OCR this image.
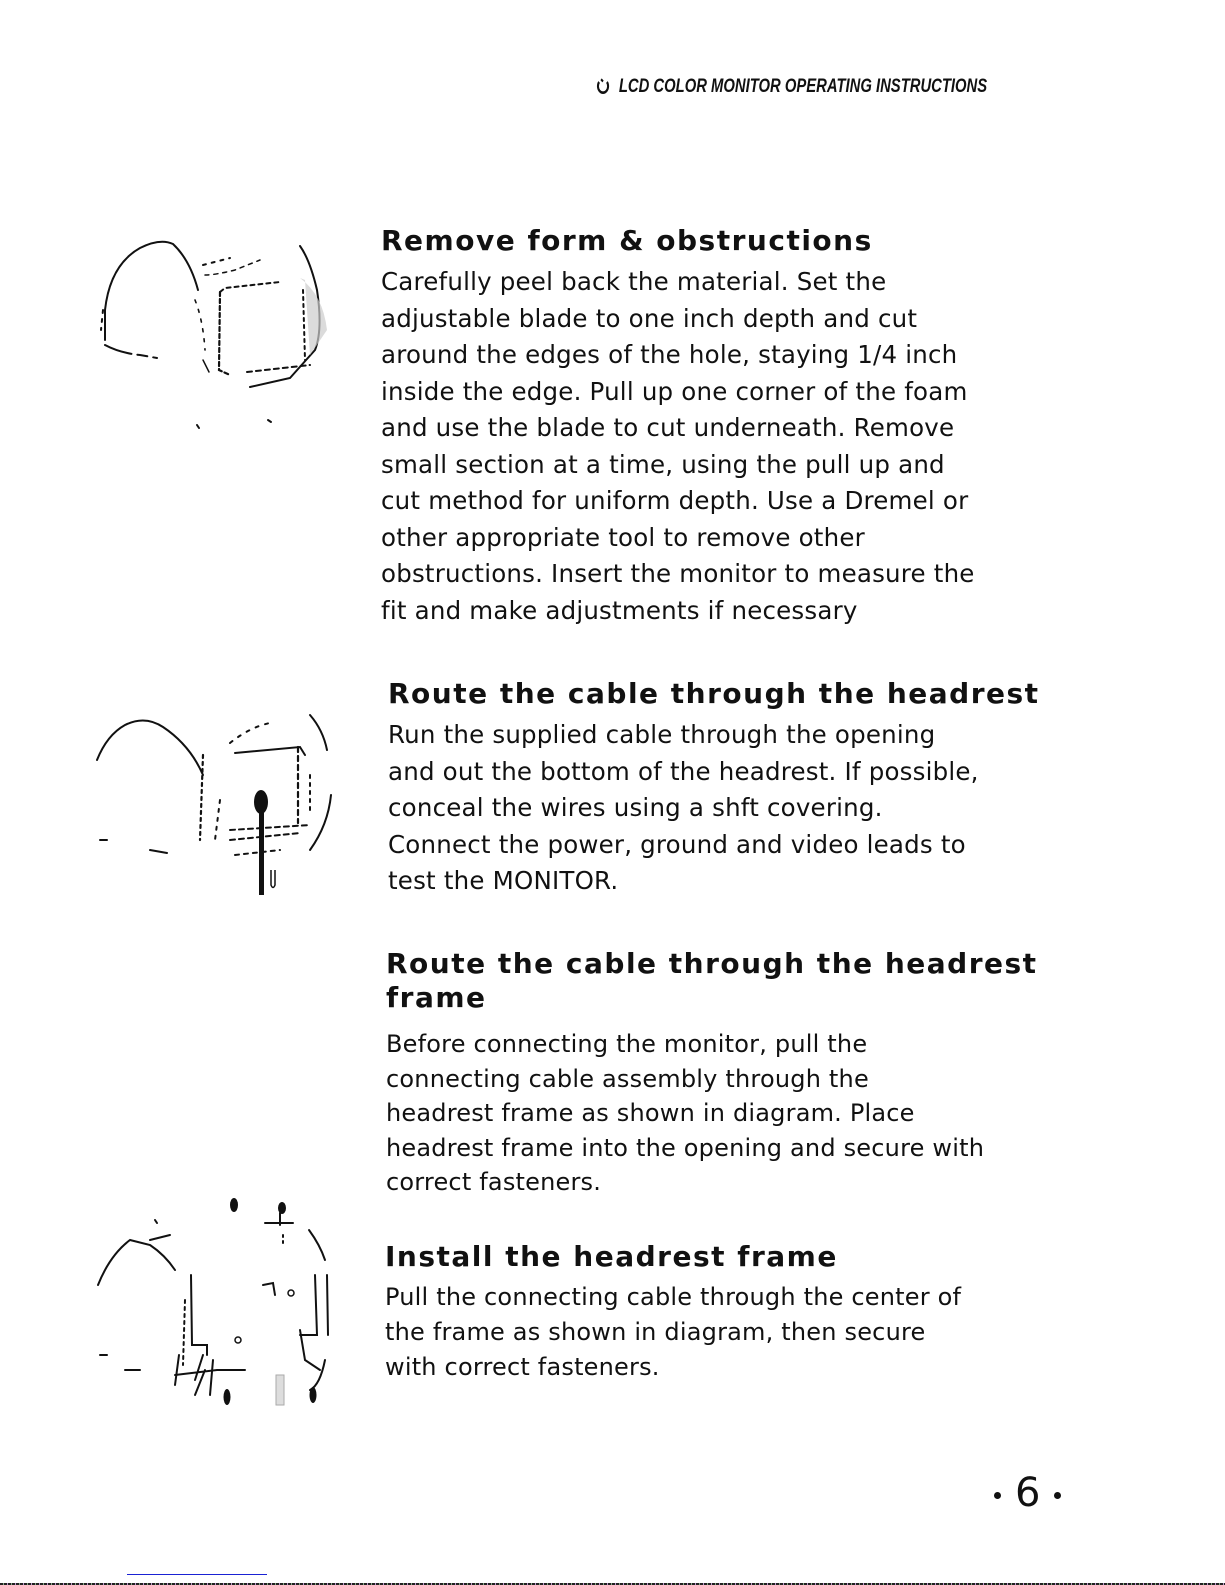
LCD COLOR MONITOR OPERATING INSTRUCTIONS
Remove form & obstructions

Carefully peel back the material. Set the
adjustable blade to one inch depth and cut
around the edges of the hole, staying 1/4 inch
inside the edge. Pull up one corner of the foam
and use the blade to cut underneath. Remove
small section at a time, using the pull up and
cut method for uniform depth. Use a Dremel or
other appropriate tool to remove other
obstructions. Insert the monitor to measure the
fit and make adjustments if necessary

Route the cable through the headrest

Run the supplied cable through the opening
and out the bottom of the headrest. If possible,
conceal the wires using a shft covering.
Connect the power, ground and video leads to
test the MONITOR.

Route the cable through the headrest
frame

Before connecting the monitor, pull the
connecting cable assembly through the
headrest frame as shown in diagram. Place
headrest frame into the opening and secure with
correct fasteners.

Install the headrest frame

Pull the connecting cable through the center of
the frame as shown in diagram, then secure
with correct fasteners.

6
